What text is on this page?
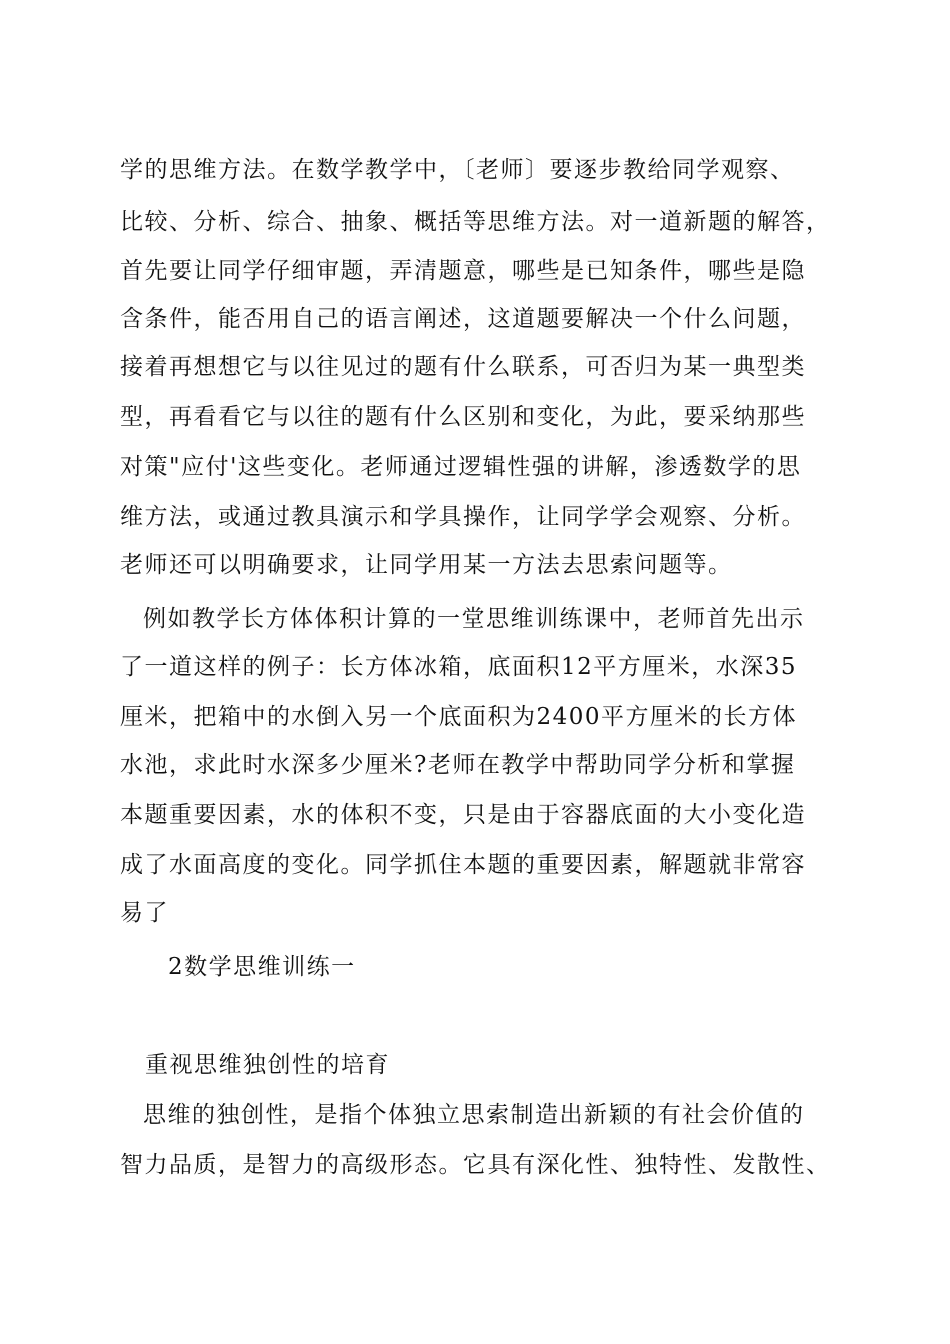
学的思维方法。在数学教学中，〔老师〕要逐步教给同学观察、
比较、分析、综合、抽象、概括等思维方法。对一道新题的解答，
首先要让同学仔细审题，弄清题意，哪些是已知条件，哪些是隐
含条件，能否用自己的语言阐述，这道题要解决一个什么问题，
接着再想想它与以往见过的题有什么联系，可否归为某一典型类
型，再看看它与以往的题有什么区别和变化，为此，要采纳那些
对策"应付'这些变化。老师通过逻辑性强的讲解，渗透数学的思
维方法，或通过教具演示和学具操作，让同学学会观察、分析。
老师还可以明确要求，让同学用某一方法去思索问题等。
例如教学长方体体积计算的一堂思维训练课中，老师首先出示
了一道这样的例子：长方体冰箱，底面积12平方厘米，水深35
厘米，把箱中的水倒入另一个底面积为2400平方厘米的长方体
水池，求此时水深多少厘米?老师在教学中帮助同学分析和掌握
本题重要因素，水的体积不变，只是由于容器底面的大小变化造
成了水面高度的变化。同学抓住本题的重要因素，解题就非常容
易了
2数学思维训练一
重视思维独创性的培育
思维的独创性，是指个体独立思索制造出新颖的有社会价值的
智力品质，是智力的高级形态。它具有深化性、独特性、发散性、
